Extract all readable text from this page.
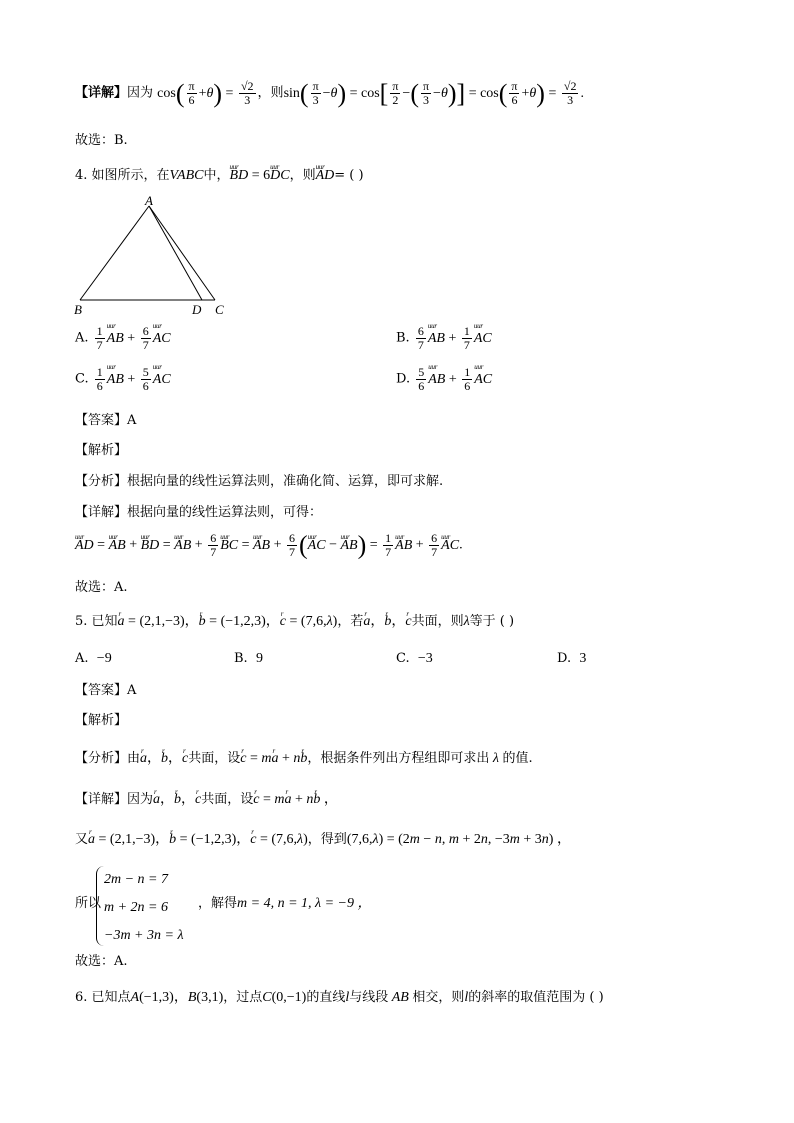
【详解】因为 $\cos( \frac{\pi}{6} +\theta) = \frac{√2}{3}$ ，则$\sin( \frac{\pi}{3} -\theta) = \cos[ \frac{\pi}{2}$ −( $\frac{\pi}{3} -\theta)] = \cos( \frac{\pi}{6} +\theta) = \frac{√2}{3}$ .
故选：B.
4. 如图所示，在VABC中，u u r BD = 6u u r DC，则u u r AD= ( )
A
B	D C
A. $\frac{1}{7}$ u u r AB + $\frac{6}{7}$ u u r AC	B. $\frac{6}{7}$ u u r AB + $\frac{1}{7}$ u u r AC
C. $\frac{1}{6}$ u u r AB + $\frac{5}{6}$ u u r AC	D. $\frac{5}{6}$ u u r AB + $\frac{1}{6}$ u u r AC
【答案】A
【解析】
【分析】根据向量的线性运算法则，准确化简、运算，即可求解.
【详解】根据向量的线性运算法则，可得：
u u r AD = u u r AB + u u r BD = u u r AB + $\frac{6}{7}$ u u r BC = u u r AB + $\frac{6}{7} (u$ u r AC − u u r $AB) = \frac{1}{7}$ u u r AB + $\frac{6}{7}$ u u r AC.
故选：A.
5. 已知r a = (2,1,−3)，r b = (−1,2,3)，r c = (7,6,λ)，若r a，r b，r c共面，则λ等于 ( )
A. −9	B. 9	C. −3	D. 3
【答案】A
【解析】
【分析】由r a，r b，r c共面，设r c = mr a + nr b，根据条件列出方程组即可求出 λ 的值.
【详解】因为r a，r b，r c共面，设r c = mr a + nr b ，
又r a = (2,1,−3)，r b = (−1,2,3)，r c = (7,6,λ)，得到(7,6,λ) = (2m − n, m + 2n, −3m + 3n) ，
所以
2m − n = 7
m + 2n = 6
−3m + 3n = λ
，解得m = 4, n = 1, λ = −9 ，
故选：A.
6. 已知点A(−1,3)，B(3,1)，过点C(0,−1)的直线l与线段 AB 相交，则l的斜率的取值范围为 ( )
